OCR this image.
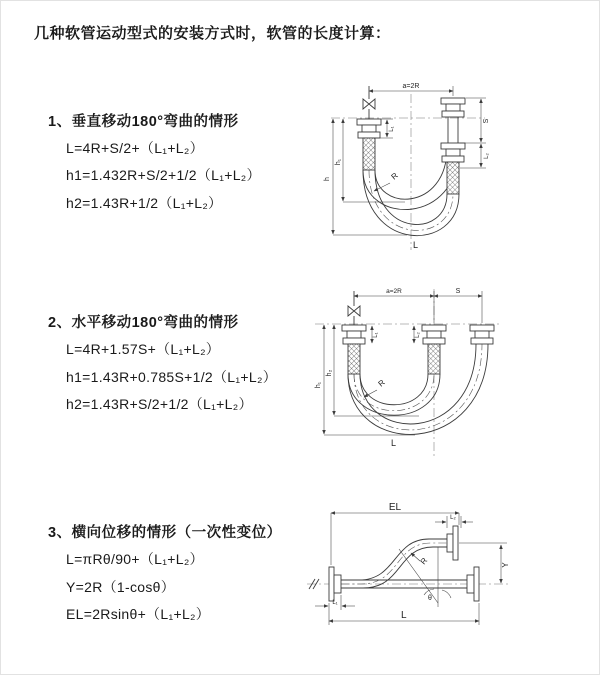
几种软管运动型式的安装方式时，软管的长度计算：
1、垂直移动180°弯曲的情形
L=4R+S/2+（L₁+L₂）
h1=1.432R+S/2+1/2（L₁+L₂）
h2=1.43R+1/2（L₁+L₂）
a=2R
S
L₂
L₁
h₁
h	R
L
2、水平移动180°弯曲的情形
L=4R+1.57S+（L₁+L₂）
h1=1.43R+0.785S+1/2（L₁+L₂）
h2=1.43R+S/2+1/2（L₁+L₂）
a=2R	S
L₁	L₂
h₂
h₁	R
L
3、横向位移的情形（一次性变位）
L=πRθ/90+（L₁+L₂）
Y=2R（1-cosθ）
EL=2Rsinθ+（L₁+L₂）
EL
L₂
Y
R
θ
L
L₁
